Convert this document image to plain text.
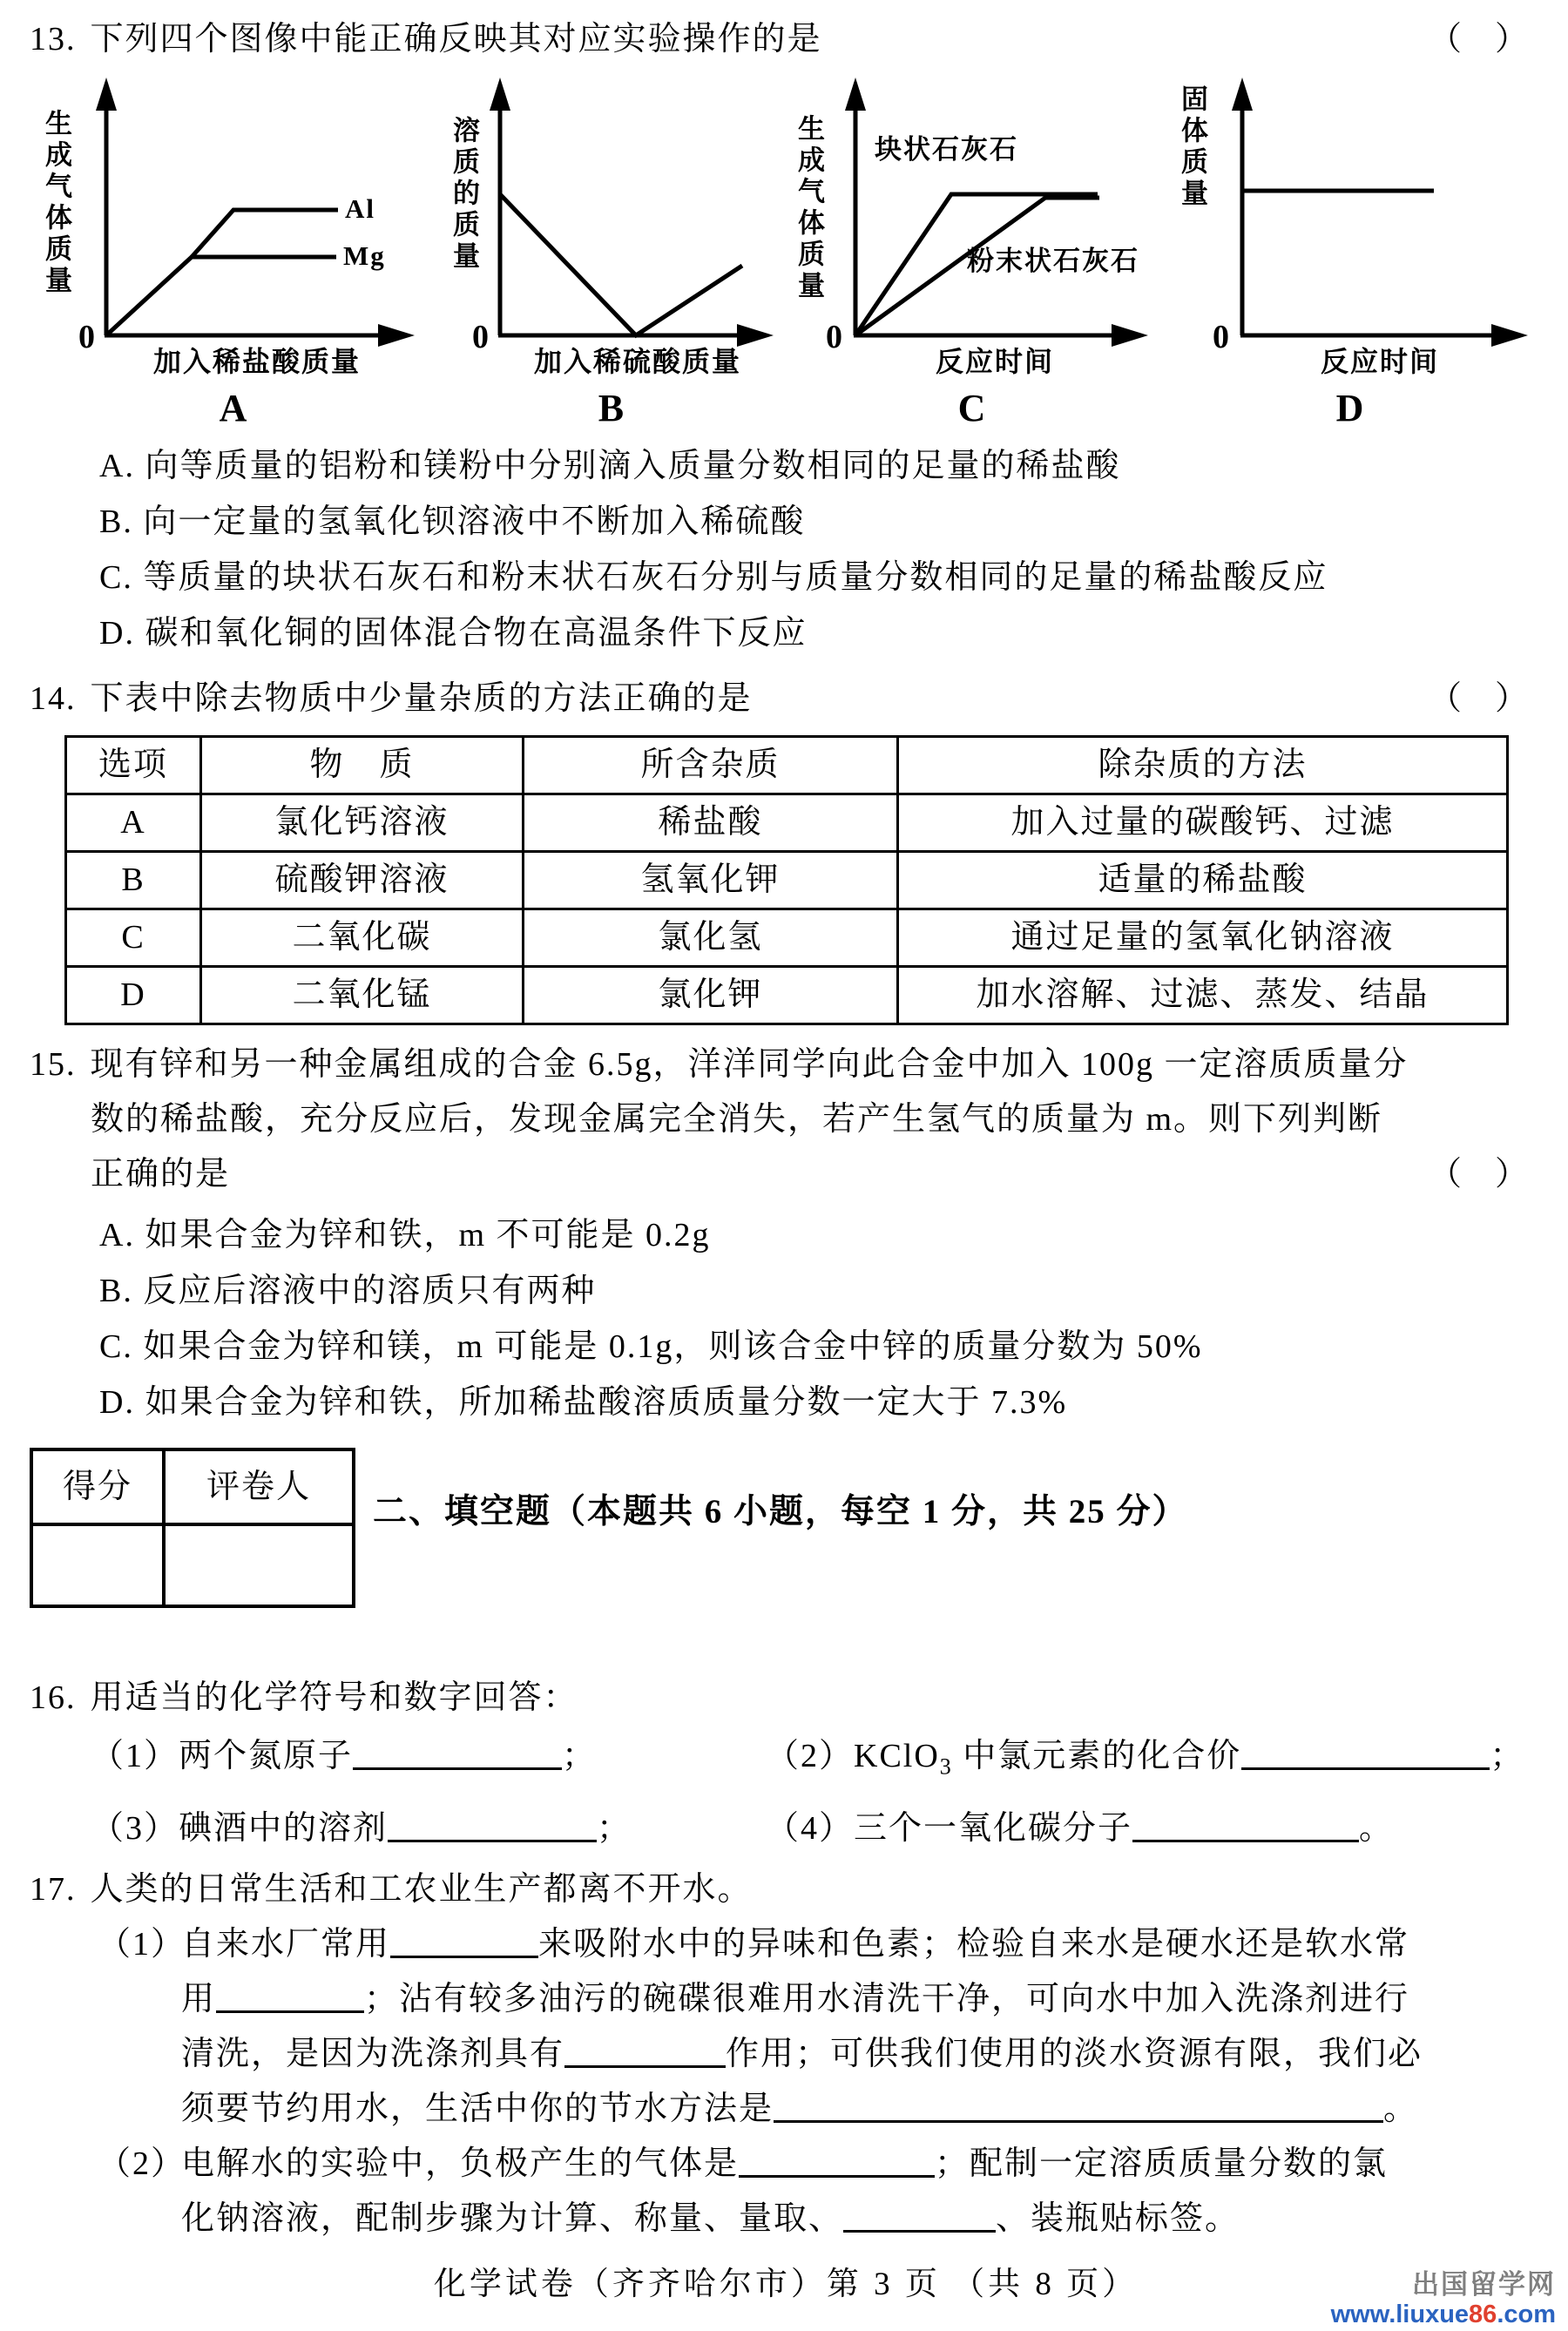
13. 下列四个图像中能正确反映其对应实验操作的是	（　）
生成气体质量
0
Al
Mg
加入稀盐酸质量
溶质的质量
0
加入稀硫酸质量
生成气体质量
0
块状石灰石
粉末状石灰石
反应时间
固体质量
0
反应时间
A	B	C	D
A. 向等质量的铝粉和镁粉中分别滴入质量分数相同的足量的稀盐酸
B. 向一定量的氢氧化钡溶液中不断加入稀硫酸
C. 等质量的块状石灰石和粉末状石灰石分别与质量分数相同的足量的稀盐酸反应
D. 碳和氧化铜的固体混合物在高温条件下反应
14. 下表中除去物质中少量杂质的方法正确的是	（　）
选项	物　质	所含杂质	除杂质的方法
A	氯化钙溶液	稀盐酸	加入过量的碳酸钙、过滤
B	硫酸钾溶液	氢氧化钾	适量的稀盐酸
C	二氧化碳	氯化氢	通过足量的氢氧化钠溶液
D	二氧化锰	氯化钾	加水溶解、过滤、蒸发、结晶
15. 现有锌和另一种金属组成的合金 6.5g，洋洋同学向此合金中加入 100g 一定溶质质量分
数的稀盐酸，充分反应后，发现金属完全消失，若产生氢气的质量为 m。则下列判断
正确的是	（　）
A. 如果合金为锌和铁，m 不可能是 0.2g
B. 反应后溶液中的溶质只有两种
C. 如果合金为锌和镁，m 可能是 0.1g，则该合金中锌的质量分数为 50%
D. 如果合金为锌和铁，所加稀盐酸溶质质量分数一定大于 7.3%
得分	评卷人

二、填空题（本题共 6 小题，每空 1 分，共 25 分）
16. 用适当的化学符号和数字回答：
（1）两个氮原子	；	（2）KClO$_3$ 中氯元素的化合价	；
（3）碘酒中的溶剂	；	（4）三个一氧化碳分子	。
17. 人类的日常生活和工农业生产都离不开水。
（1）自来水厂常用	来吸附水中的异味和色素；检验自来水是硬水还是软水常
用	；沾有较多油污的碗碟很难用水清洗干净，可向水中加入洗涤剂进行
清洗，是因为洗涤剂具有	作用；可供我们使用的淡水资源有限，我们必
须要节约用水，生活中你的节水方法是	。
（2）电解水的实验中，负极产生的气体是	；配制一定溶质质量分数的氯
化钠溶液，配制步骤为计算、称量、量取、	、装瓶贴标签。
化学试卷（齐齐哈尔市）第 3 页 （共 8 页）	出国留学网
www.liuxue86.com
